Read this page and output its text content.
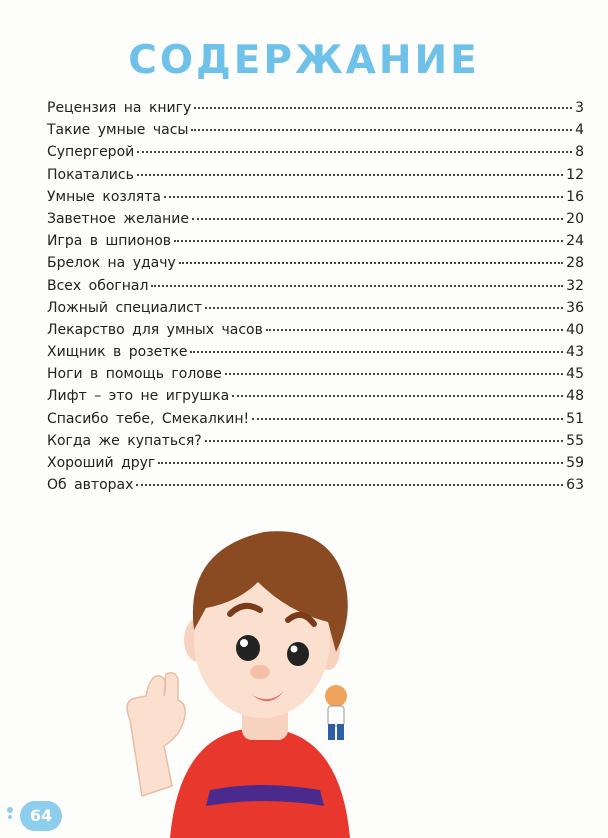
СОДЕРЖАНИЕ
Рецензия на книгу	3
Такие умные часы	4
Супергерой	8
Покатались	12
Умные козлята	16
Заветное желание	20
Игра в шпионов	24
Брелок на удачу	28
Всех обогнал	32
Ложный специалист	36
Лекарство для умных часов	40
Хищник в розетке	43
Ноги в помощь голове	45
Лифт – это не игрушка	48
Спасибо тебе, Смекалкин!	51
Когда же купаться?	55
Хороший друг	59
Об авторах	63
64
